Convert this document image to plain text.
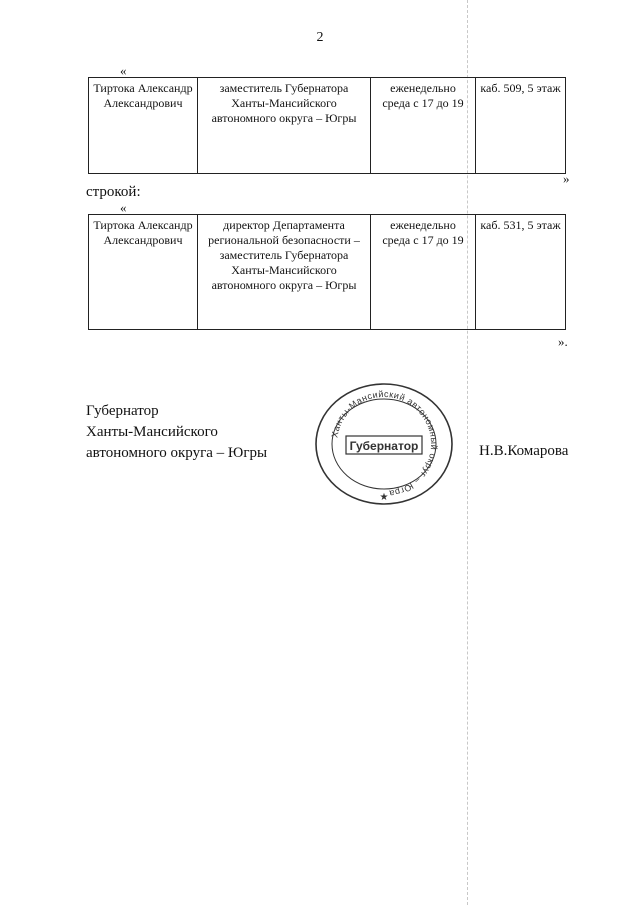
2
«
Тиртока Александр Александрович	заместитель Губернатора Ханты-Мансийского автономного округа – Югры	еженедельно среда с 17 до 19	каб. 509, 5 этаж
»
строкой:
«
Тиртока Александр Александрович	директор Департамента региональной безопасности – заместитель Губернатора Ханты-Мансийского автономного округа – Югры	еженедельно среда с 17 до 19	каб. 531, 5 этаж
».
Губернатор
Ханты-Мансийского
автономного округа – Югры
Ханты-Мансийский автономный округ – Югра
Губернатор
★
Н.В.Комарова
